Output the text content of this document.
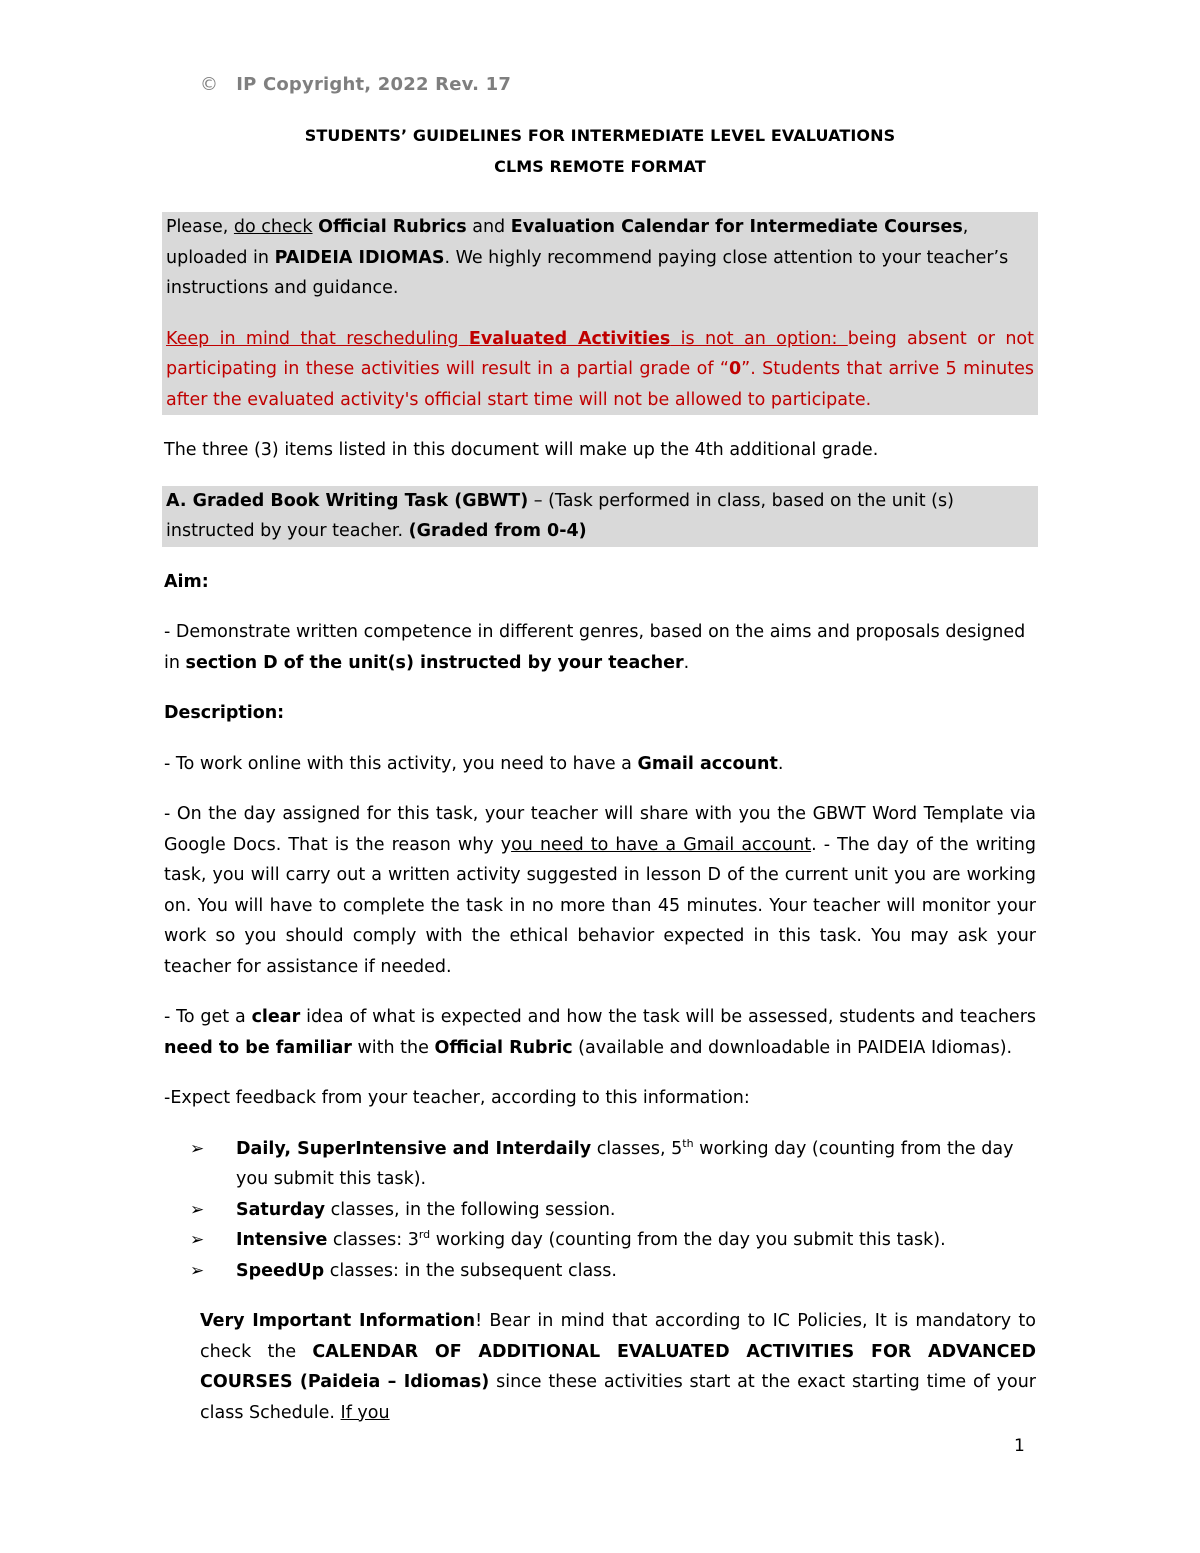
© IP Copyright, 2022 Rev. 17
STUDENTS’ GUIDELINES FOR INTERMEDIATE LEVEL EVALUATIONS
CLMS REMOTE FORMAT

Please, do check Official Rubrics and Evaluation Calendar for Intermediate Courses, uploaded in PAIDEIA IDIOMAS. We highly recommend paying close attention to your teacher’s instructions and guidance.

Keep in mind that rescheduling Evaluated Activities is not an option: being absent or not participating in these activities will result in a partial grade of “0”. Students that arrive 5 minutes after the evaluated activity's official start time will not be allowed to participate.

The three (3) items listed in this document will make up the 4th additional grade.

A. Graded Book Writing Task (GBWT) – (Task performed in class, based on the unit (s) instructed by your teacher. (Graded from 0-4)

Aim:

- Demonstrate written competence in different genres, based on the aims and proposals designed in section D of the unit(s) instructed by your teacher.

Description:

- To work online with this activity, you need to have a Gmail account.

- On the day assigned for this task, your teacher will share with you the GBWT Word Template via Google Docs. That is the reason why you need to have a Gmail account. - The day of the writing task, you will carry out a written activity suggested in lesson D of the current unit you are working on. You will have to complete the task in no more than 45 minutes. Your teacher will monitor your work so you should comply with the ethical behavior expected in this task. You may ask your teacher for assistance if needed.

- To get a clear idea of what is expected and how the task will be assessed, students and teachers need to be familiar with the Official Rubric (available and downloadable in PAIDEIA Idiomas).

-Expect feedback from your teacher, according to this information:

➢ Daily, SuperIntensive and Interdaily classes, 5th working day (counting from the day you submit this task).
➢ Saturday classes, in the following session.
➢ Intensive classes: 3rd working day (counting from the day you submit this task).
➢ SpeedUp classes: in the subsequent class.

Very Important Information! Bear in mind that according to IC Policies, It is mandatory to check the CALENDAR OF ADDITIONAL EVALUATED ACTIVITIES FOR ADVANCED COURSES (Paideia – Idiomas) since these activities start at the exact starting time of your class Schedule. If you

1
